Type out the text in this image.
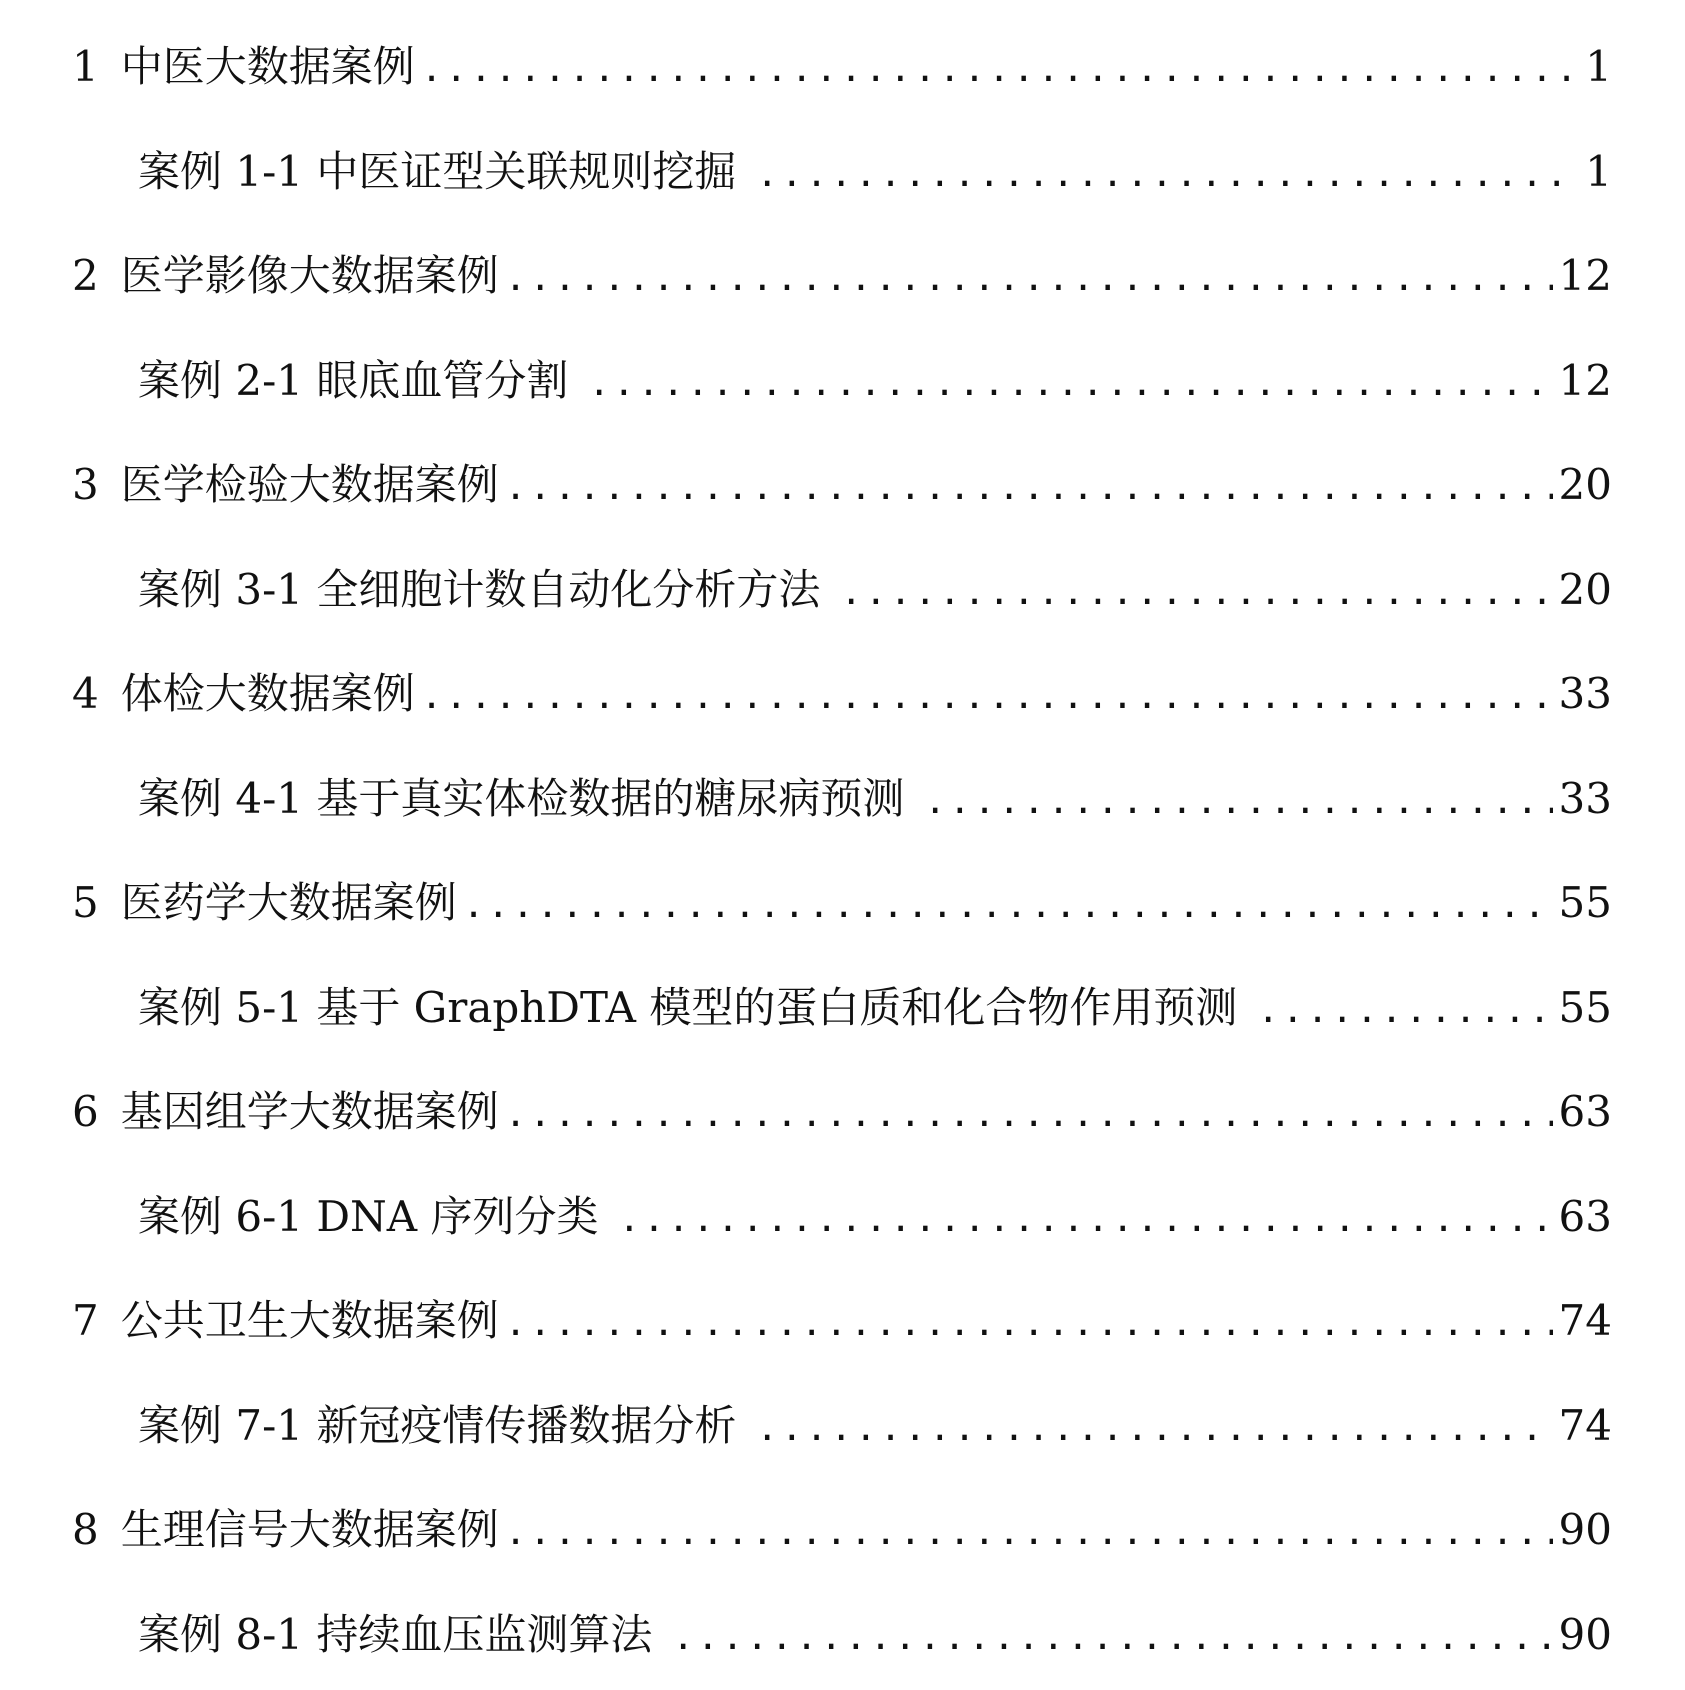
1 中医大数据案例 .....	1
案例 1-1 中医证型关联规则挖掘 .....	1
2 医学影像大数据案例 .....	12
案例 2-1 眼底血管分割 .....	12
3 医学检验大数据案例 .....	20
案例 3-1 全细胞计数自动化分析方法 .....	20
4 体检大数据案例 .....	33
案例 4-1 基于真实体检数据的糖尿病预测 .....	33
5 医药学大数据案例 .....	55
案例 5-1 基于 GraphDTA 模型的蛋白质和化合物作用预测 .....	55
6 基因组学大数据案例 .....	63
案例 6-1 DNA 序列分类 .....	63
7 公共卫生大数据案例 .....	74
案例 7-1 新冠疫情传播数据分析 .....	74
8 生理信号大数据案例 .....	90
案例 8-1 持续血压监测算法 .....	90
